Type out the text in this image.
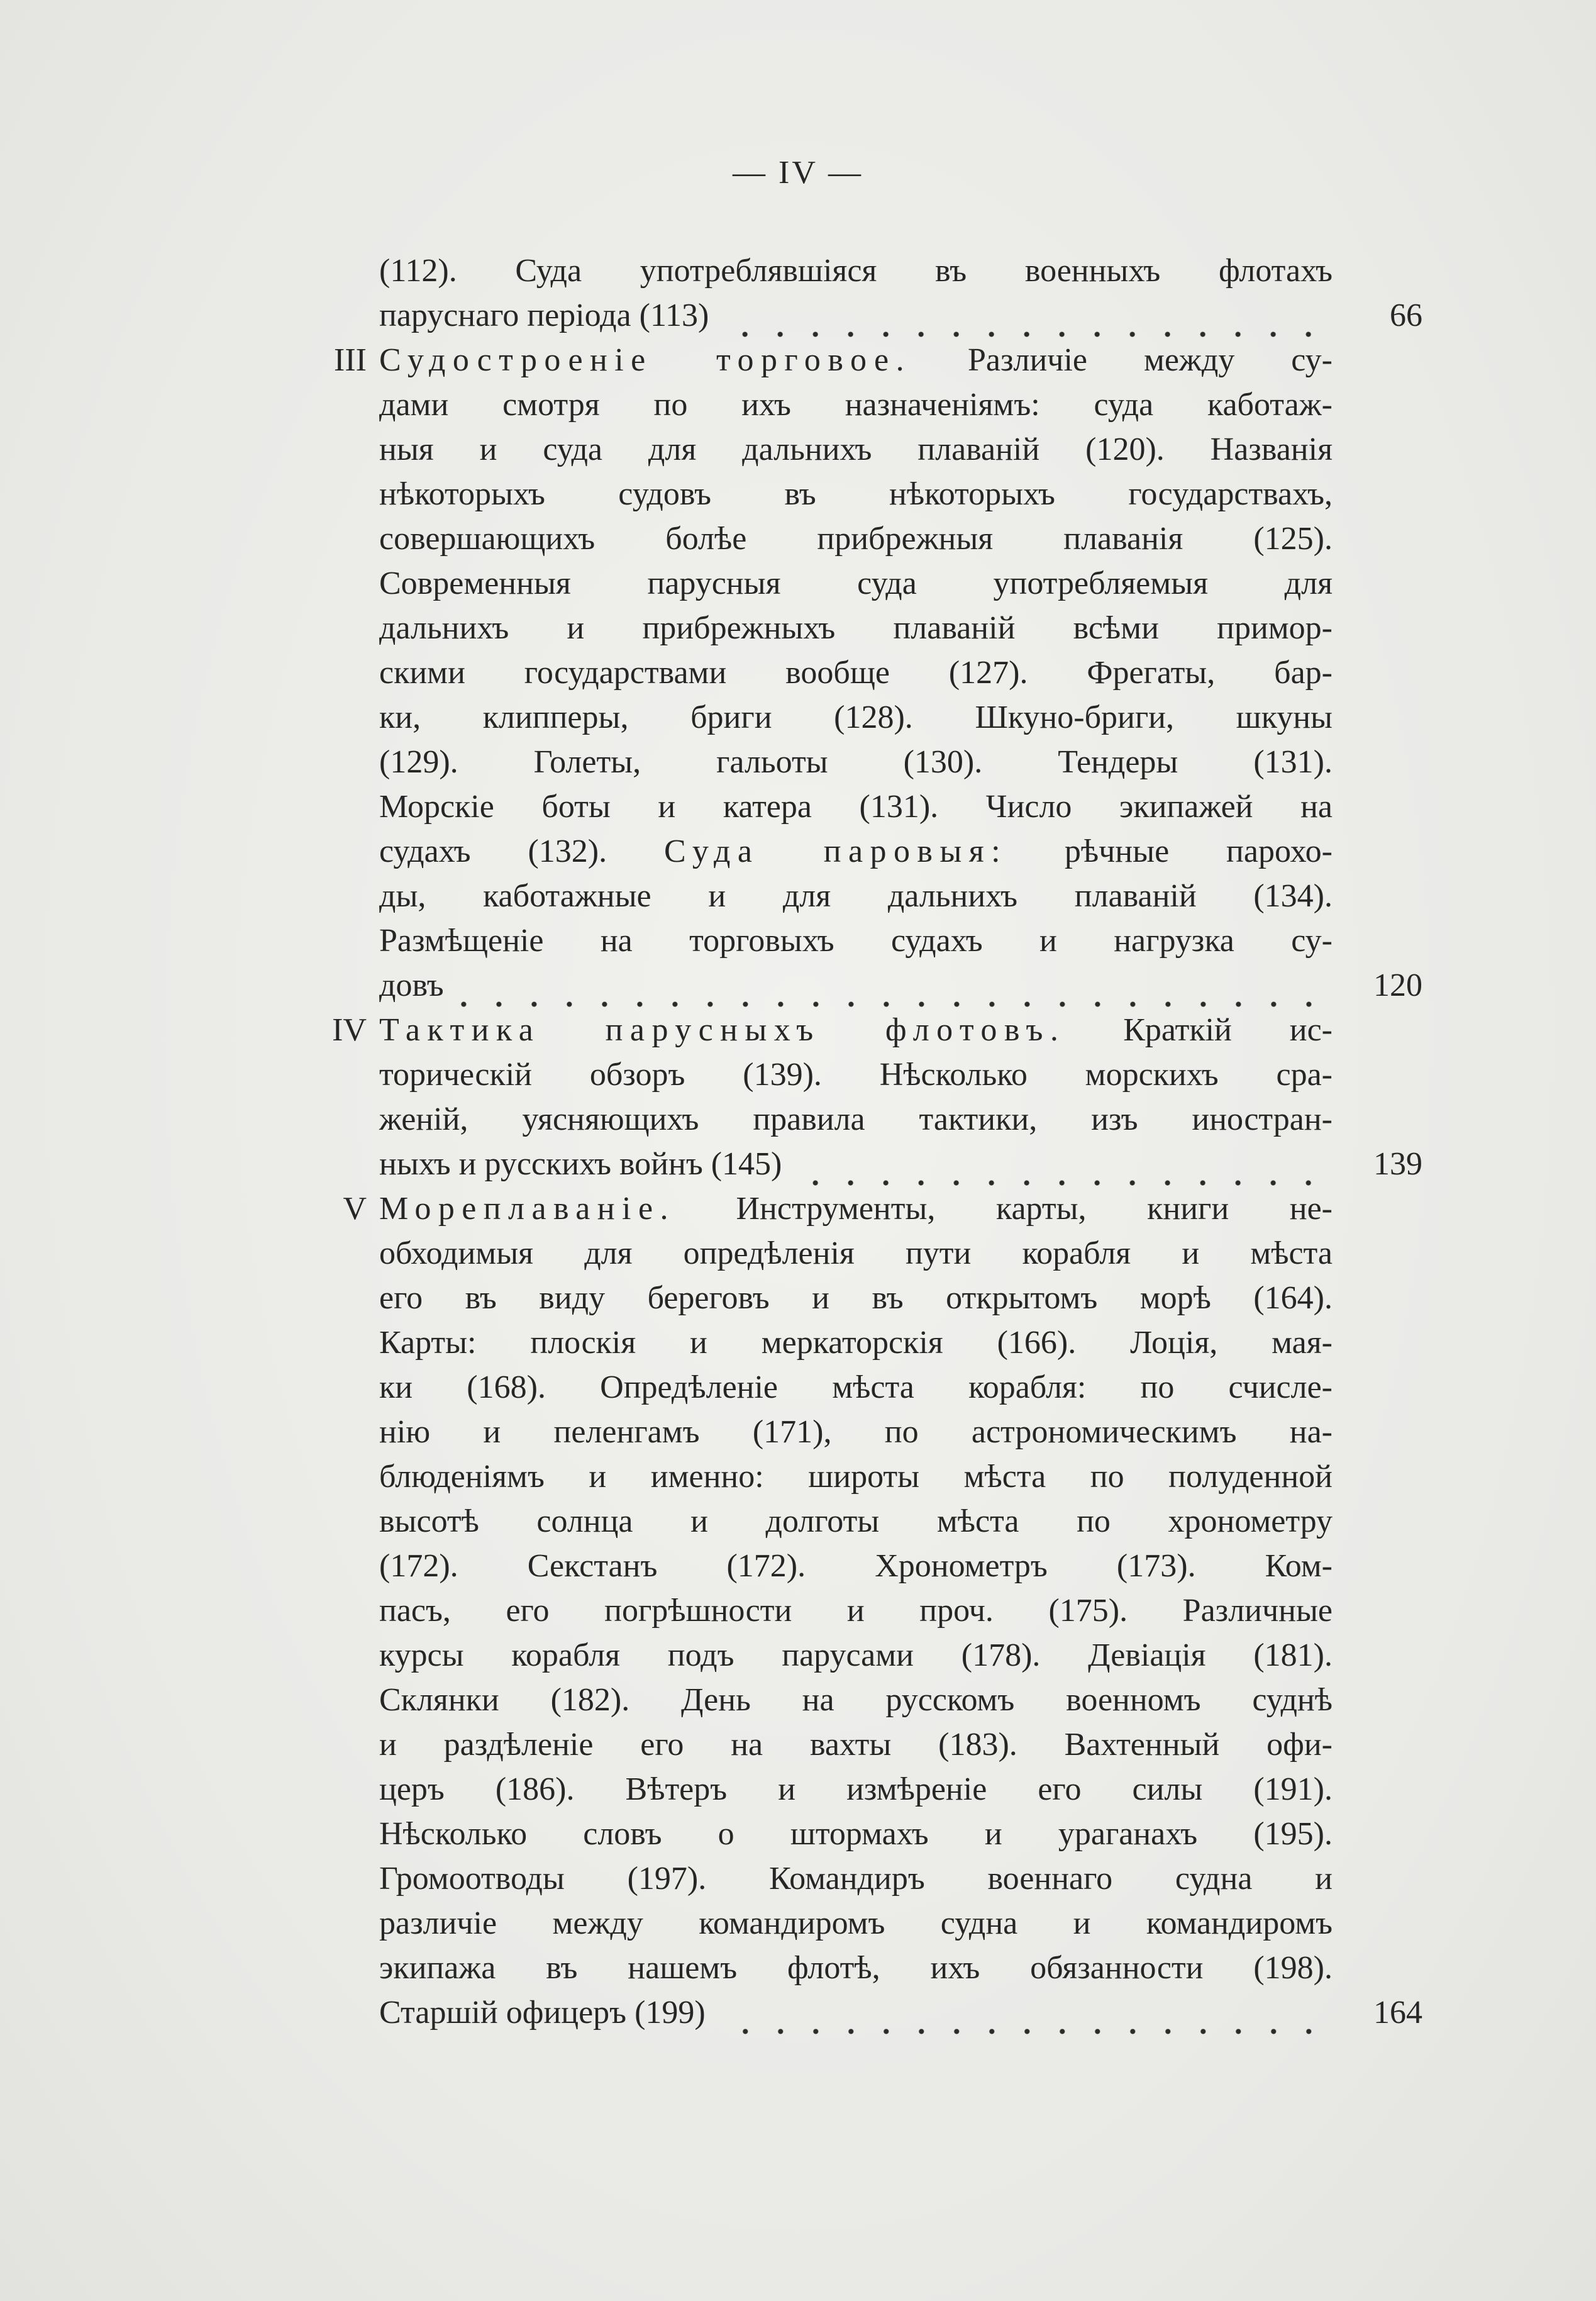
— IV —
(112). Суда употреблявшіяся въ военныхъ флотахъ
паруснаго періода (113)	66
III Судостроеніе торговое. Различіе между су-
дами смотря по ихъ назначеніямъ: суда каботаж-
ныя и суда для дальнихъ плаваній (120). Названія
нѣкоторыхъ судовъ въ нѣкоторыхъ государствахъ,
совершающихъ болѣе прибрежныя плаванія (125).
Современныя парусныя суда употребляемыя для
дальнихъ и прибрежныхъ плаваній всѣми примор-
скими государствами вообще (127). Фрегаты, бар-
ки, клипперы, бриги (128). Шкуно-бриги, шкуны
(129). Голеты, гальоты (130). Тендеры (131).
Морскіе боты и катера (131). Число экипажей на
судахъ (132). Суда паровыя: рѣчные парохо-
ды, каботажные и для дальнихъ плаваній (134).
Размѣщеніе на торговыхъ судахъ и нагрузка су-
довъ	120
IV Тактика парусныхъ флотовъ. Краткій ис-
торическій обзоръ (139). Нѣсколько морскихъ сра-
женій, уясняющихъ правила тактики, изъ иностран-
ныхъ и русскихъ войнъ (145)	139
V Мореплаваніе. Инструменты, карты, книги не-
обходимыя для опредѣленія пути корабля и мѣста
его въ виду береговъ и въ открытомъ морѣ (164).
Карты: плоскія и меркаторскія (166). Лоція, мая-
ки (168). Опредѣленіе мѣста корабля: по счисле-
нію и пеленгамъ (171), по астрономическимъ на-
блюденіямъ и именно: широты мѣста по полуденной
высотѣ солнца и долготы мѣста по хронометру
(172). Секстанъ (172). Хронометръ (173). Ком-
пасъ, его погрѣшности и проч. (175). Различные
курсы корабля подъ парусами (178). Девіація (181).
Склянки (182). День на русскомъ военномъ суднѣ
и раздѣленіе его на вахты (183). Вахтенный офи-
церъ (186). Вѣтеръ и измѣреніе его силы (191).
Нѣсколько словъ о штормахъ и ураганахъ (195).
Громоотводы (197). Командиръ военнаго судна и
различіе между командиромъ судна и командиромъ
экипажа въ нашемъ флотѣ, ихъ обязанности (198).
Старшій офицеръ (199)	164
